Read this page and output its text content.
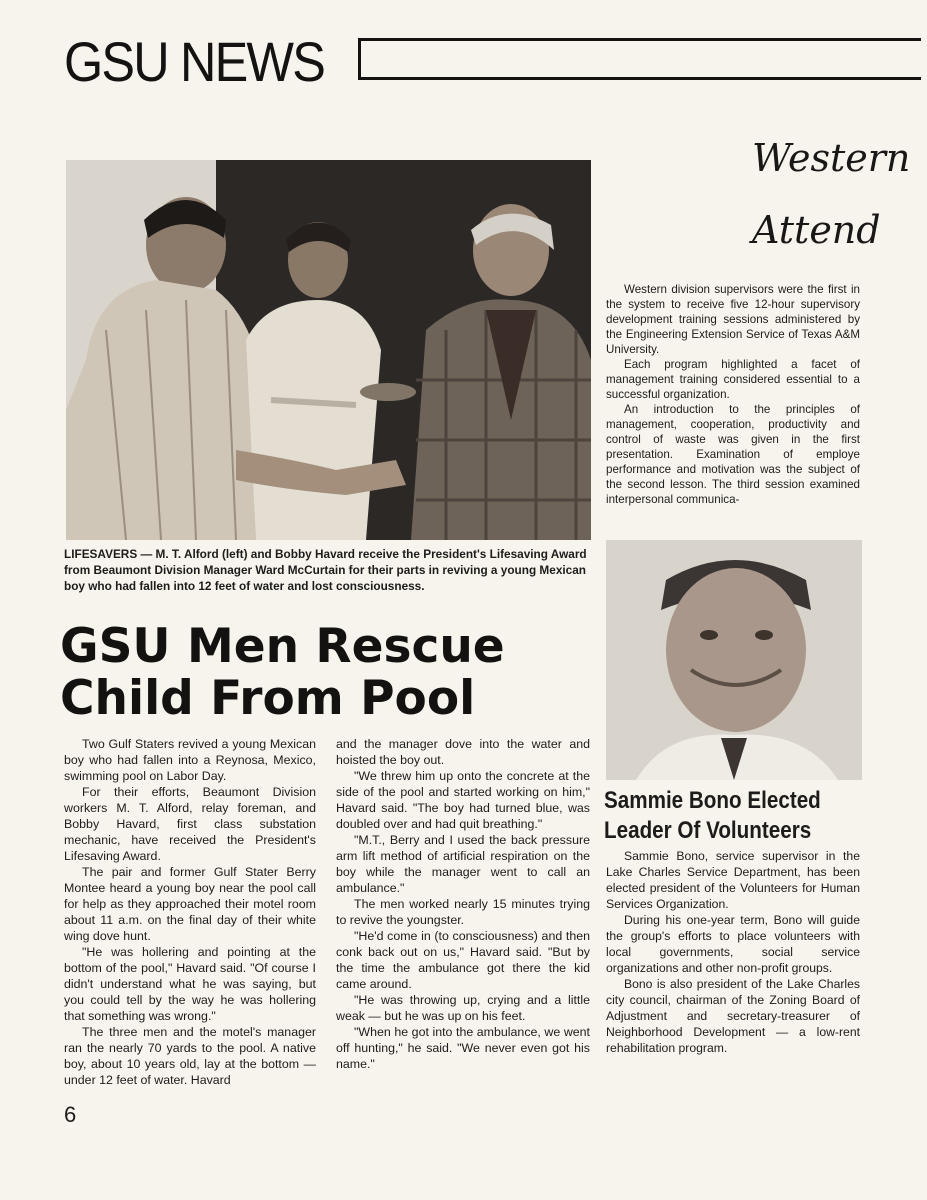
GSU NEWS
LIFESAVERS — M. T. Alford (left) and Bobby Havard receive the President's Lifesaving Award from Beaumont Division Manager Ward McCurtain for their parts in reviving a young Mexican boy who had fallen into 12 feet of water and lost consciousness.
GSU Men Rescue
Child From Pool

Two Gulf Staters revived a young Mexican boy who had fallen into a Reynosa, Mexico, swimming pool on Labor Day.

For their efforts, Beaumont Division workers M. T. Alford, relay foreman, and Bobby Havard, first class substation mechanic, have received the President's Lifesaving Award.

The pair and former Gulf Stater Berry Montee heard a young boy near the pool call for help as they approached their motel room about 11 a.m. on the final day of their white wing dove hunt.

"He was hollering and pointing at the bottom of the pool," Havard said. "Of course I didn't understand what he was saying, but you could tell by the way he was hollering that something was wrong."

The three men and the motel's manager ran the nearly 70 yards to the pool. A native boy, about 10 years old, lay at the bottom — under 12 feet of water. Havard

and the manager dove into the water and hoisted the boy out.

"We threw him up onto the concrete at the side of the pool and started working on him," Havard said. "The boy had turned blue, was doubled over and had quit breathing."

"M.T., Berry and I used the back pressure arm lift method of artificial respiration on the boy while the manager went to call an ambulance."

The men worked nearly 15 minutes trying to revive the youngster.

"He'd come in (to consciousness) and then conk back out on us," Havard said. "But by the time the ambulance got there the kid came around.

"He was throwing up, crying and a little weak — but he was up on his feet.

"When he got into the ambulance, we went off hunting," he said. "We never even got his name."

Western
Attend

Western division supervisors were the first in the system to receive five 12-hour supervisory development training sessions administered by the Engineering Extension Service of Texas A&M University.

Each program highlighted a facet of management training considered essential to a successful organization.

An introduction to the principles of management, cooperation, productivity and control of waste was given in the first presentation. Examination of employe performance and motivation was the subject of the second lesson. The third session examined interpersonal communica-

Sammie Bono Elected
Leader Of Volunteers

Sammie Bono, service supervisor in the Lake Charles Service Department, has been elected president of the Volunteers for Human Services Organization.

During his one-year term, Bono will guide the group's efforts to place volunteers with local governments, social service organizations and other non-profit groups.

Bono is also president of the Lake Charles city council, chairman of the Zoning Board of Adjustment and secretary-treasurer of Neighborhood Development — a low-rent rehabilitation program.

6
